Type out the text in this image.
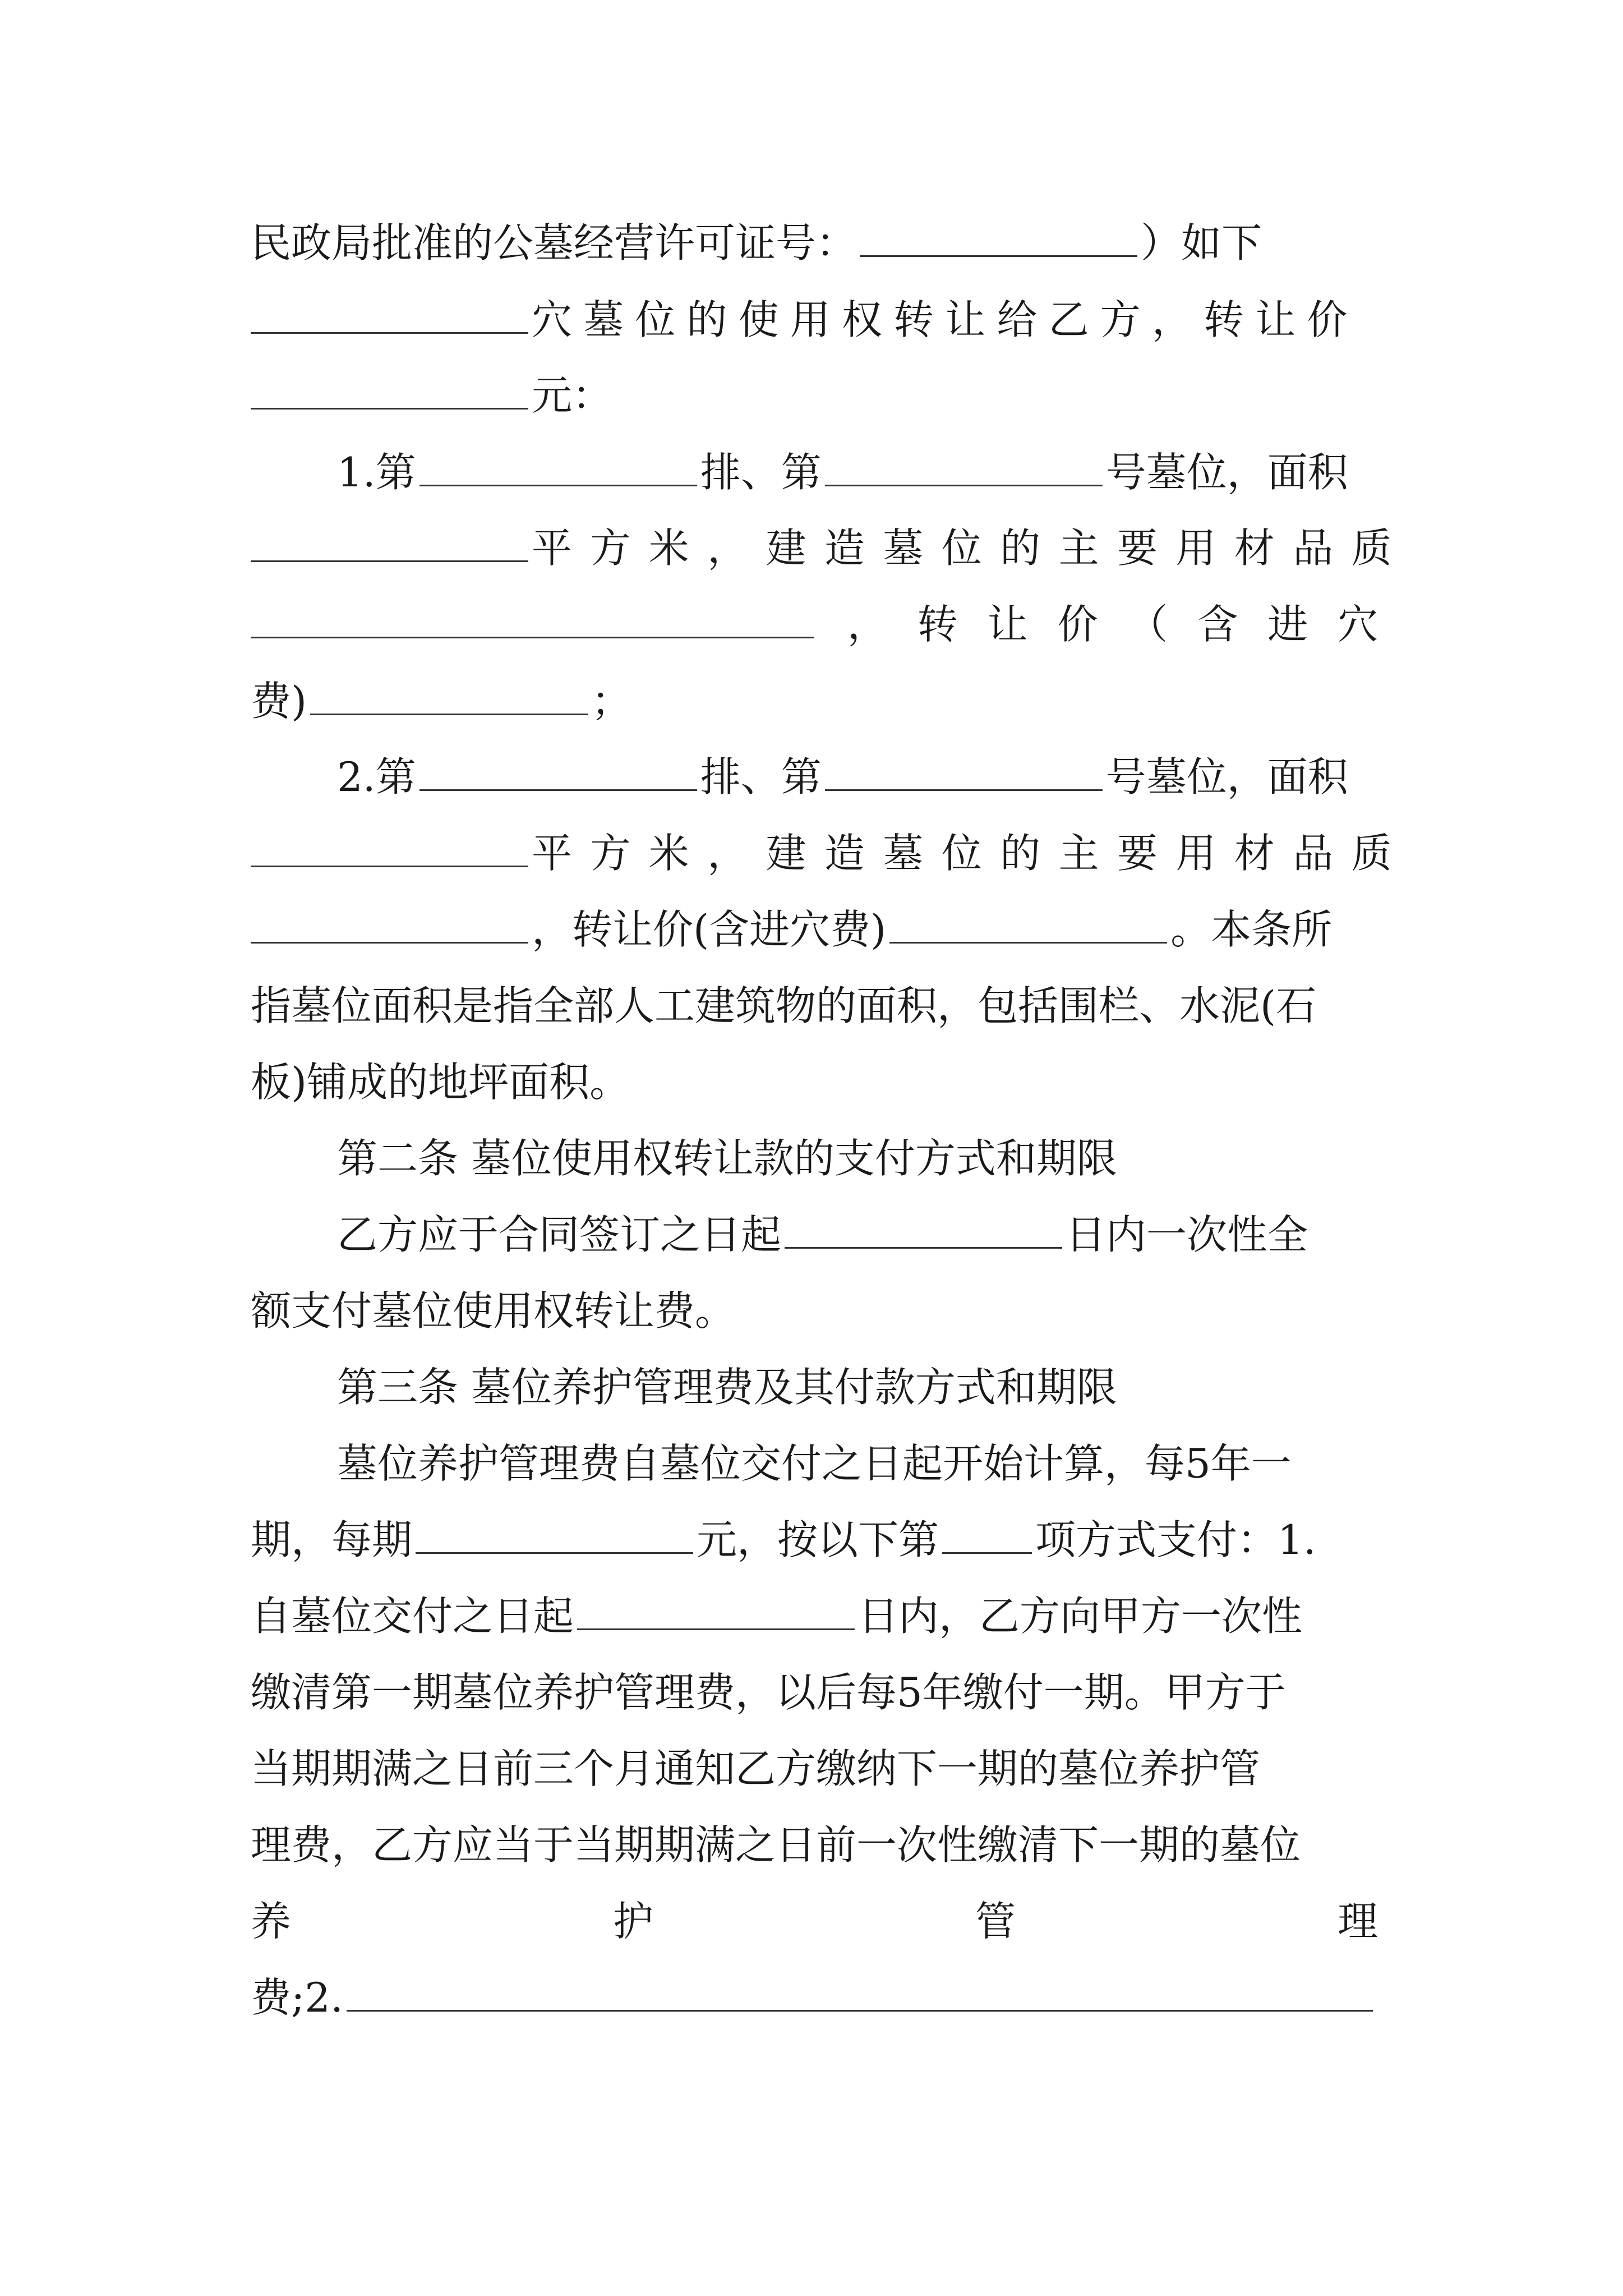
民政局批准的公墓经营许可证号：	）如下
穴墓位的使用权转让给乙方，转让价
元：
1.第	排、第	号墓位，面积
平方米，建造墓位的主要用材品质
， 转 让 价 （ 含 进 穴
费)	；
2.第	排、第	号墓位，面积
平方米，建造墓位的主要用材品质
，转让价(含进穴费)	。本条所
指墓位面积是指全部人工建筑物的面积，包括围栏、水泥(石
板)铺成的地坪面积。
第二条 墓位使用权转让款的支付方式和期限
乙方应于合同签订之日起	日内一次性全
额支付墓位使用权转让费。
第三条 墓位养护管理费及其付款方式和期限
墓位养护管理费自墓位交付之日起开始计算，每5年一
期，每期	元，按以下第 项方式支付：1.
自墓位交付之日起	日内，乙方向甲方一次性
缴清第一期墓位养护管理费，以后每5年缴付一期。甲方于
当期期满之日前三个月通知乙方缴纳下一期的墓位养护管
理费，乙方应当于当期期满之日前一次性缴清下一期的墓位
养	护	管	理
费;2.
